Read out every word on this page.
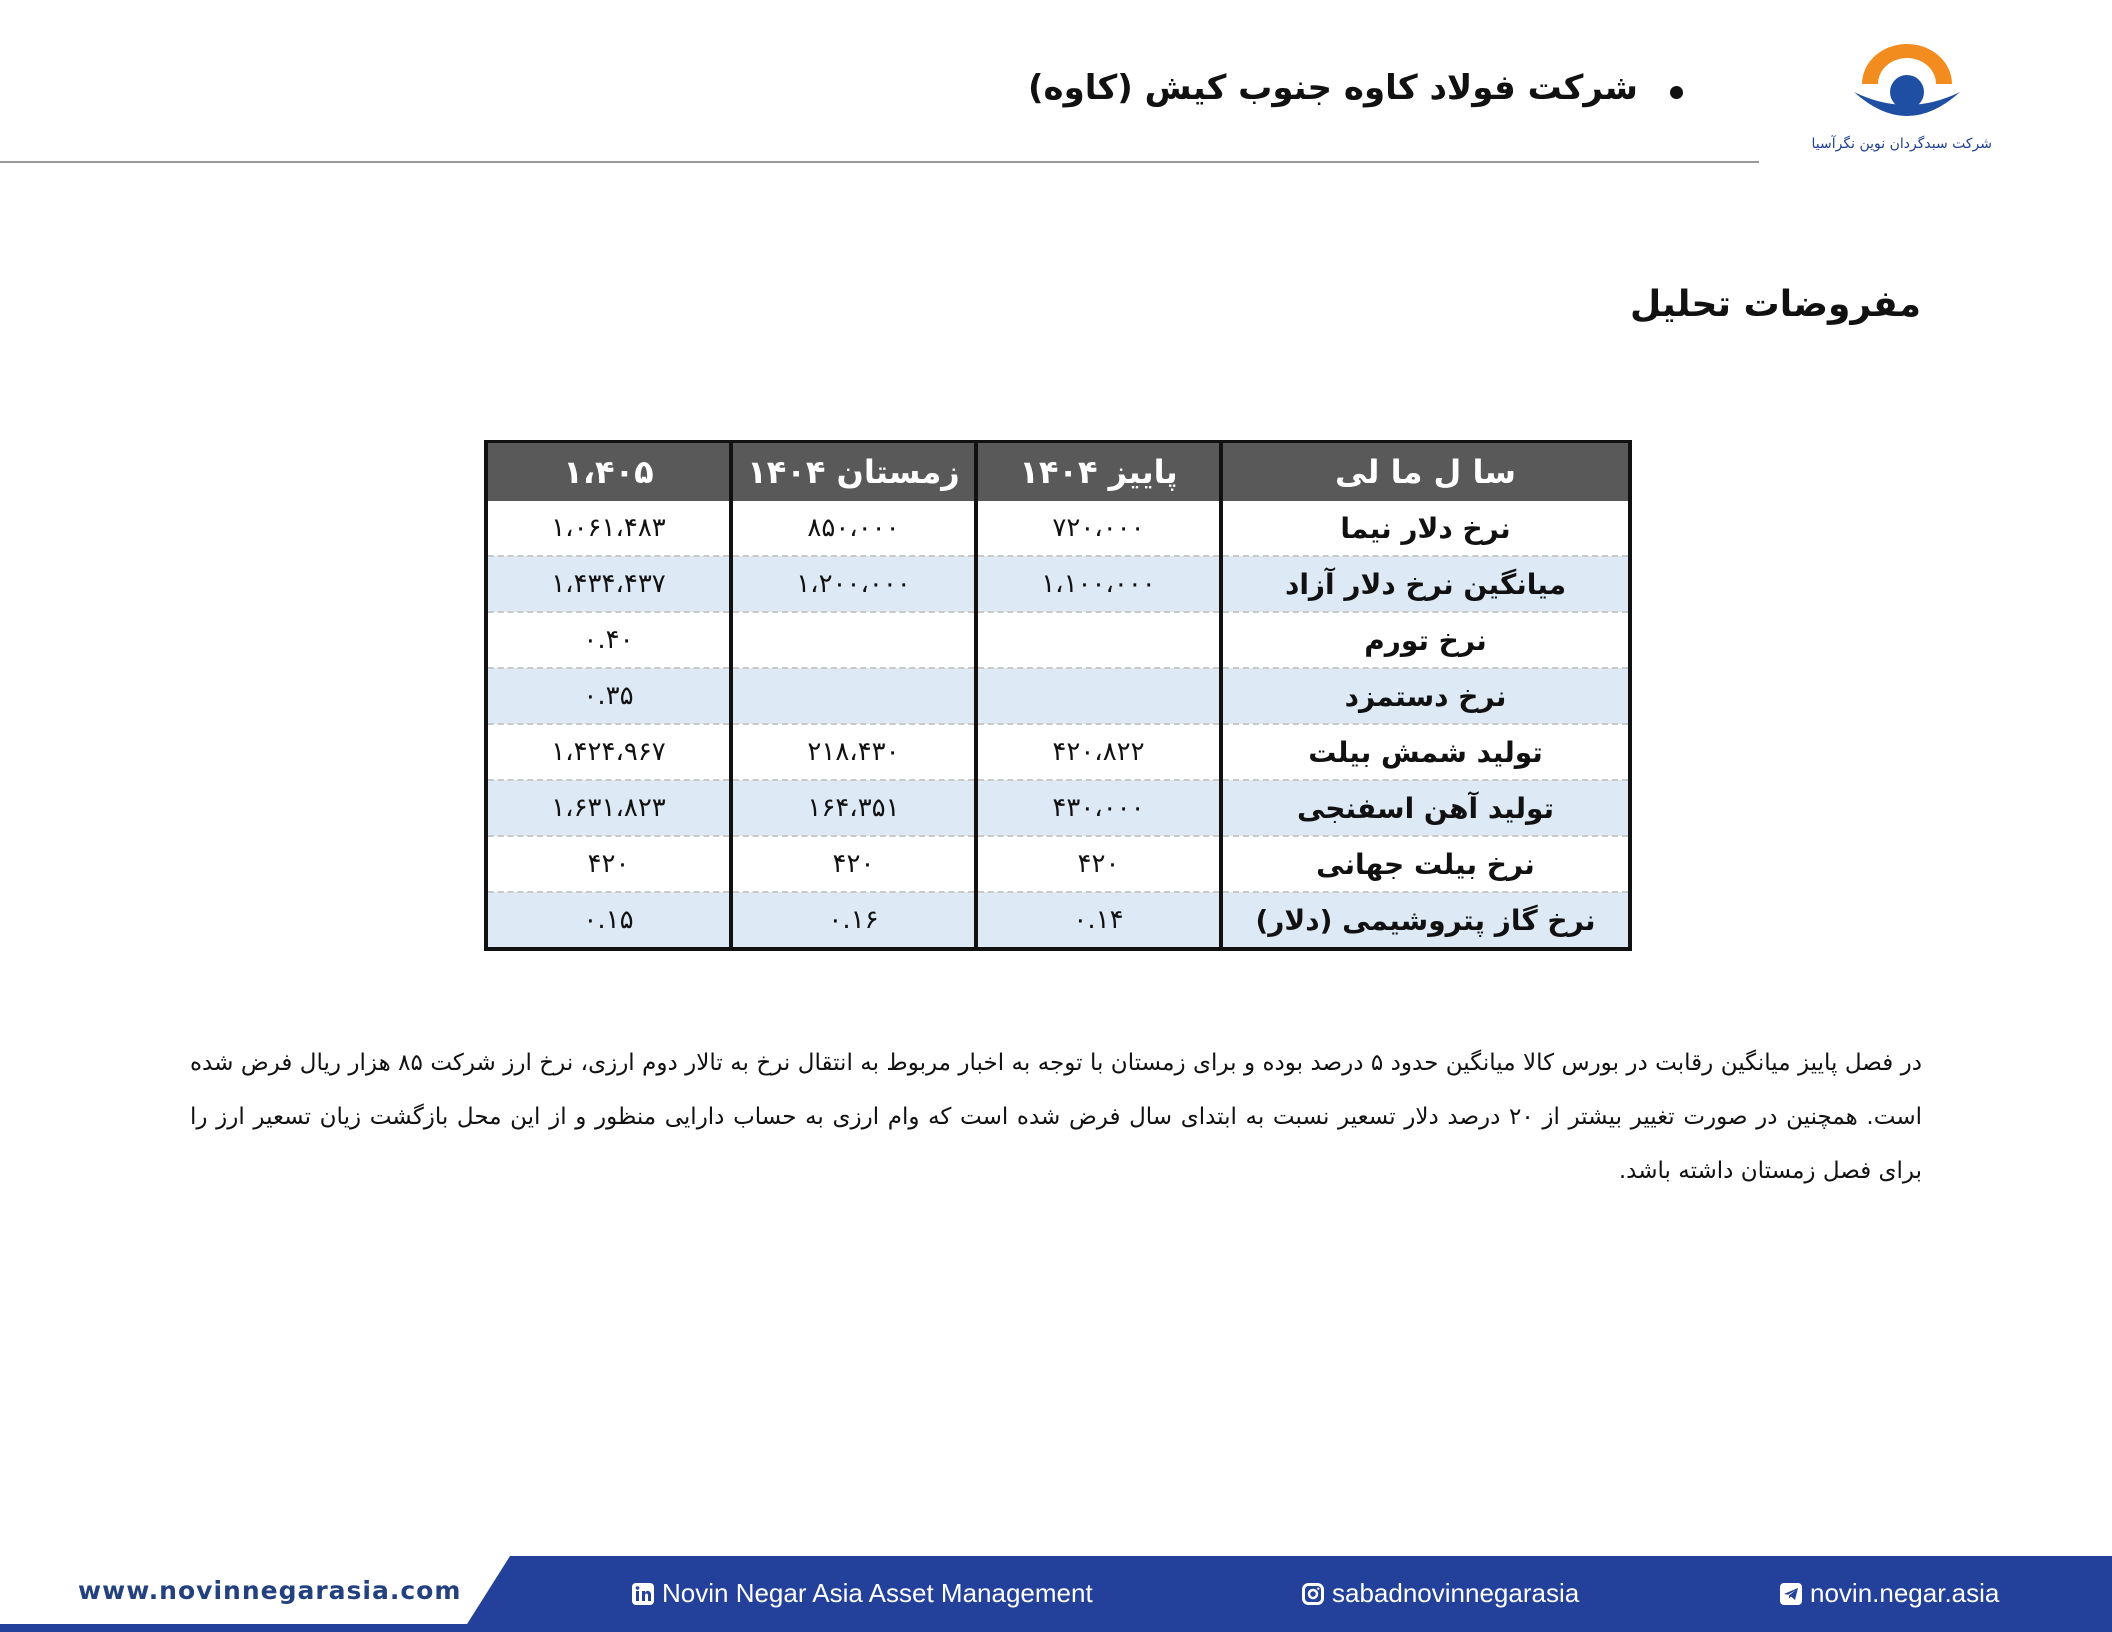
شرکت سبدگردان نوین نگرآسیا
شرکت فولاد کاوه جنوب کیش (کاوه)
مفروضات تحلیل
سا ل ما لی	پاییز ۱۴۰۴	زمستان ۱۴۰۴	۱،۴۰۵
نرخ دلار نیما	۷۲۰،۰۰۰	۸۵۰،۰۰۰	۱،۰۶۱،۴۸۳
میانگین نرخ دلار آزاد	۱،۱۰۰،۰۰۰	۱،۲۰۰،۰۰۰	۱،۴۳۴،۴۳۷
نرخ تورم			۰.۴۰
نرخ دستمزد			۰.۳۵
تولید شمش بیلت	۴۲۰،۸۲۲	۲۱۸،۴۳۰	۱،۴۲۴،۹۶۷
تولید آهن اسفنجی	۴۳۰،۰۰۰	۱۶۴،۳۵۱	۱،۶۳۱،۸۲۳
نرخ بیلت جهانی	۴۲۰	۴۲۰	۴۲۰
نرخ گاز پتروشیمی (دلار)	۰.۱۴	۰.۱۶	۰.۱۵
در فصل پاییز میانگین رقابت در بورس کالا میانگین حدود ۵ درصد بوده و برای زمستان با توجه به اخبار مربوط به انتقال نرخ به تالار دوم ارزی، نرخ ارز شرکت ۸۵ هزار ریال فرض شده است. همچنین در صورت تغییر بیشتر از ۲۰ درصد دلار تسعیر نسبت به ابتدای سال فرض شده است که وام ارزی به حساب دارایی منظور و از این محل بازگشت زیان تسعیر ارز را برای فصل زمستان داشته باشد.
www.novinnegarasia.com	Novin Negar Asia Asset Management	sabadnovinnegarasia	novin.negar.asia
